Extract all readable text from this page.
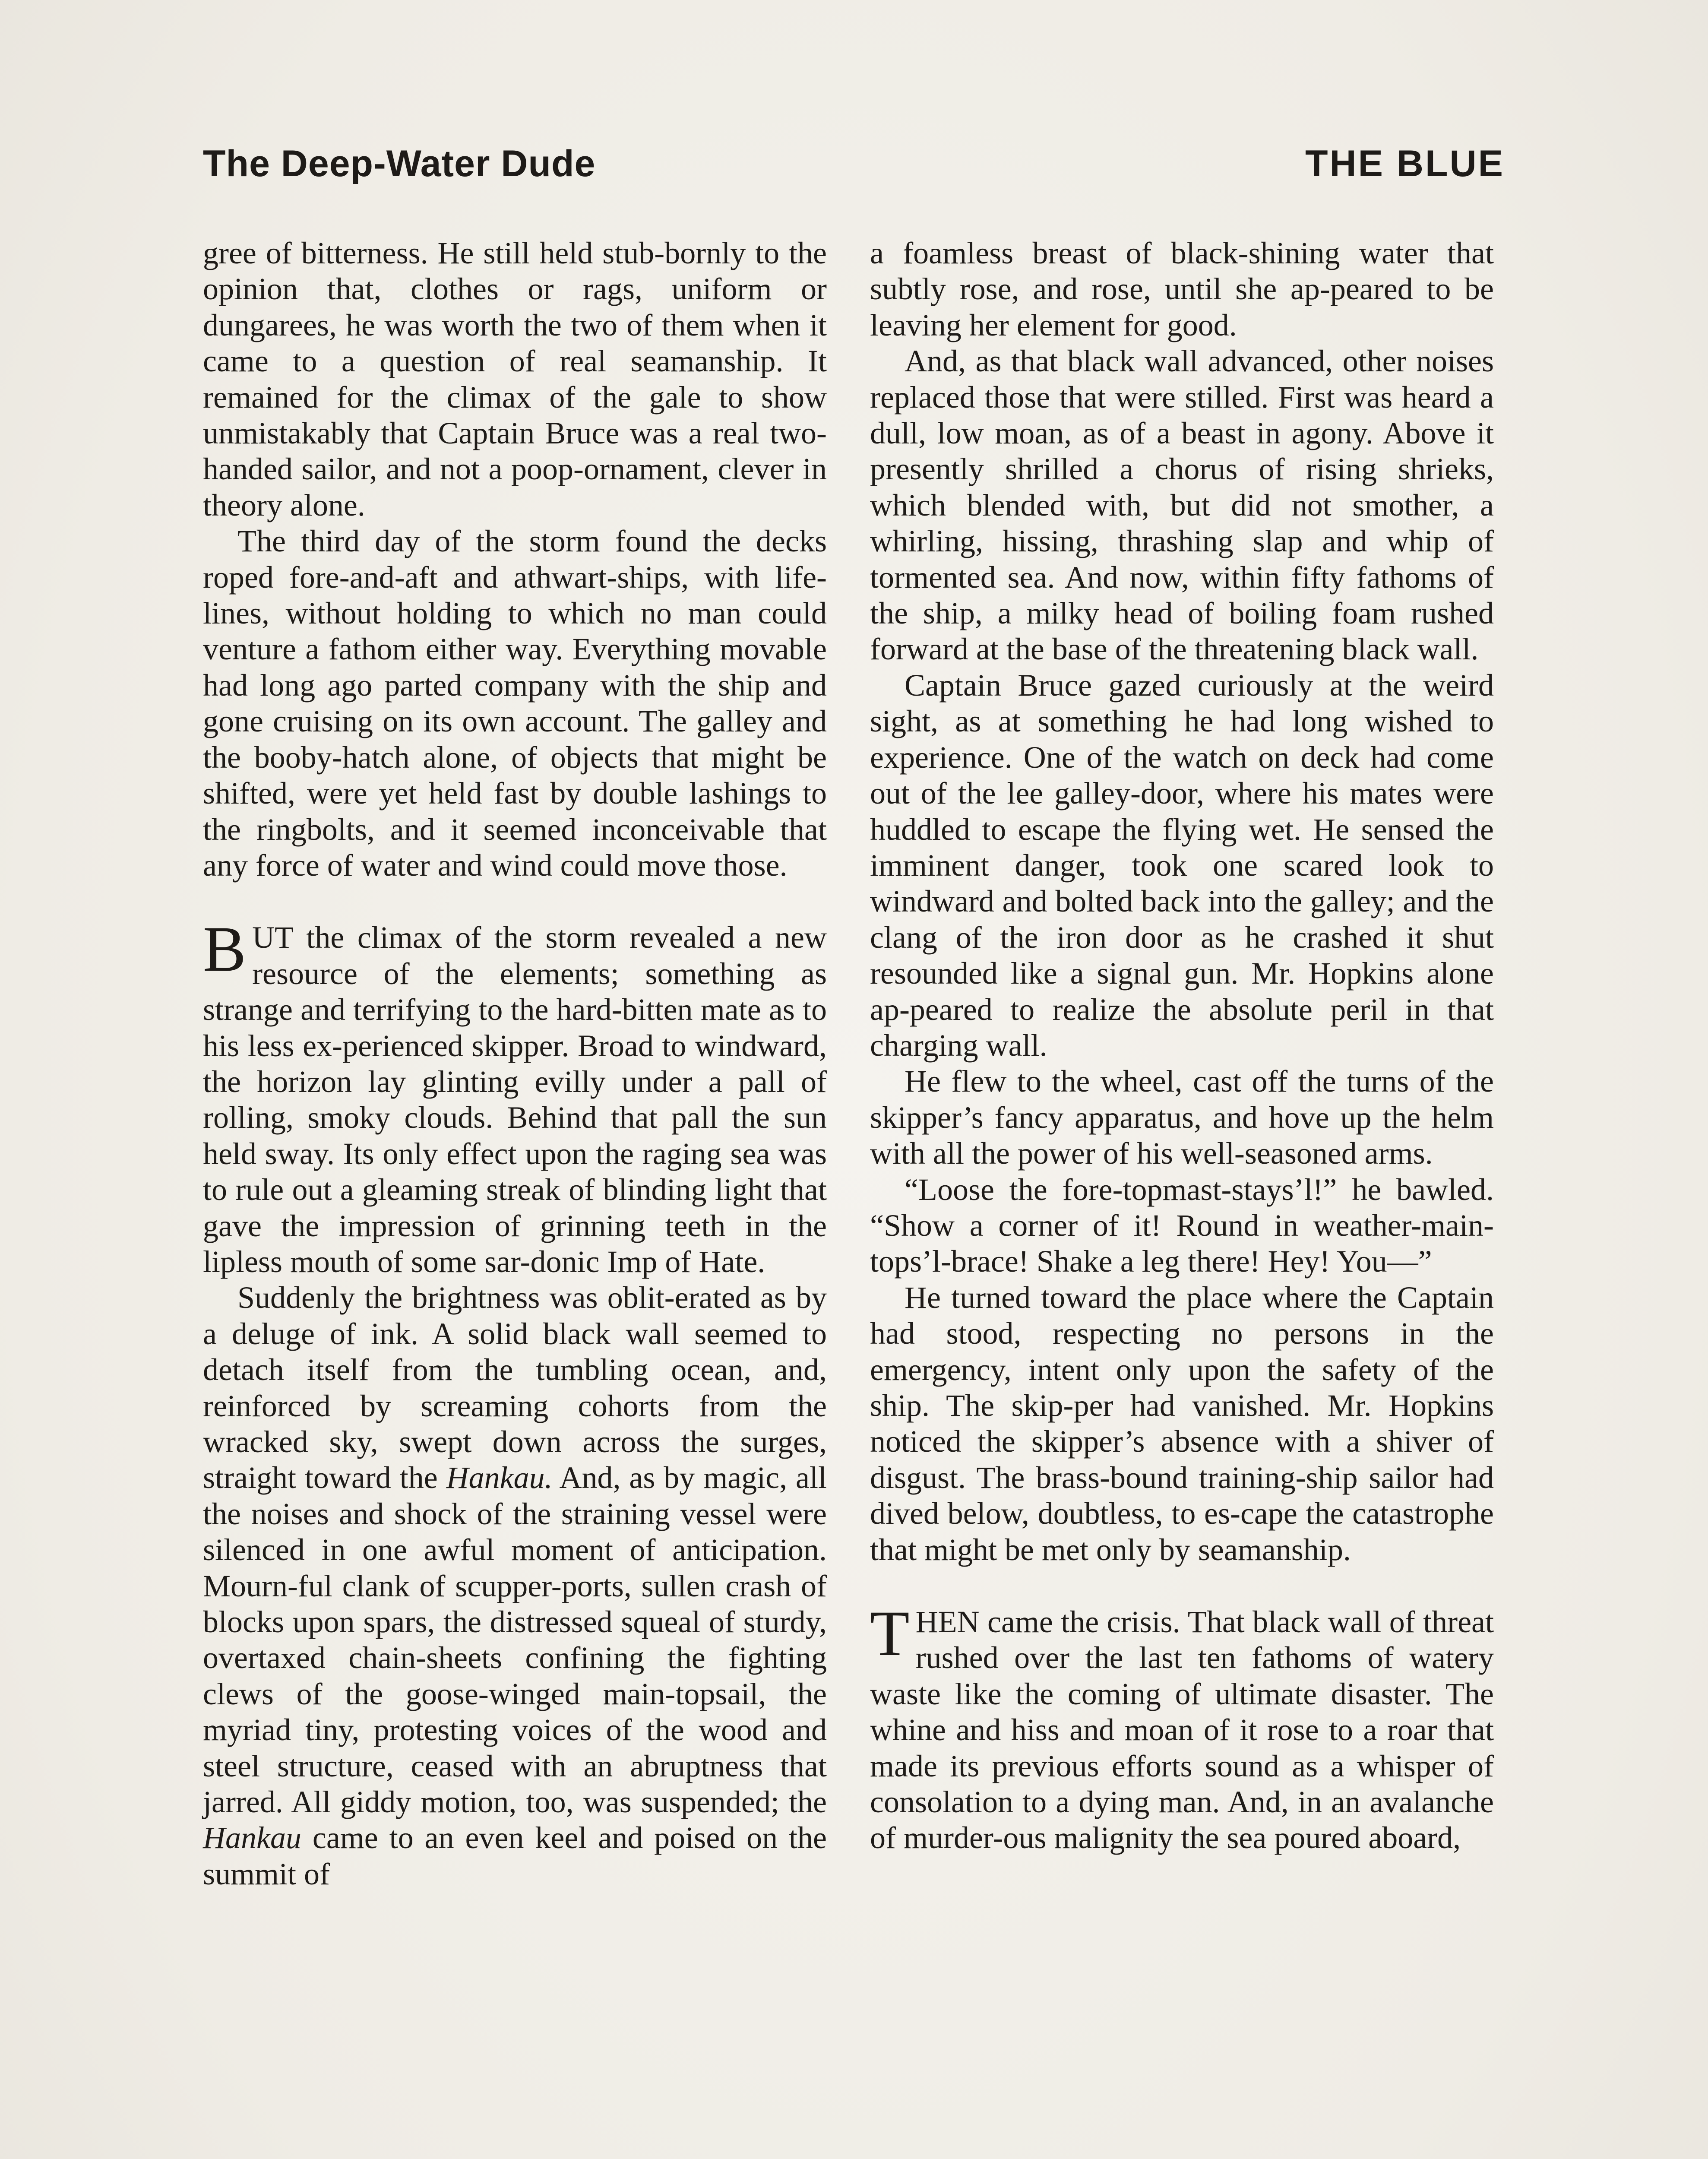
The Deep-Water Dude	THE BLUE

gree of bitterness. He still held stub-bornly to the opinion that, clothes or rags, uniform or dungarees, he was worth the two of them when it came to a question of real seamanship. It remained for the climax of the gale to show unmistakably that Captain Bruce was a real two-handed sailor, and not a poop-ornament, clever in theory alone.

The third day of the storm found the decks roped fore-and-aft and athwart-ships, with life-lines, without holding to which no man could venture a fathom either way. Everything movable had long ago parted company with the ship and gone cruising on its own account. The galley and the booby-hatch alone, of objects that might be shifted, were yet held fast by double lashings to the ringbolts, and it seemed inconceivable that any force of water and wind could move those.

BUT the climax of the storm revealed a new resource of the elements; something as strange and terrifying to the hard-bitten mate as to his less ex-perienced skipper. Broad to windward, the horizon lay glinting evilly under a pall of rolling, smoky clouds. Behind that pall the sun held sway. Its only effect upon the raging sea was to rule out a gleaming streak of blinding light that gave the impression of grinning teeth in the lipless mouth of some sar-donic Imp of Hate.

Suddenly the brightness was oblit-erated as by a deluge of ink. A solid black wall seemed to detach itself from the tumbling ocean, and, reinforced by screaming cohorts from the wracked sky, swept down across the surges, straight toward the Hankau. And, as by magic, all the noises and shock of the straining vessel were silenced in one awful moment of anticipation. Mourn-ful clank of scupper-ports, sullen crash of blocks upon spars, the distressed squeal of sturdy, overtaxed chain-sheets confining the fighting clews of the goose-winged main-topsail, the myriad tiny, protesting voices of the wood and steel structure, ceased with an abruptness that jarred. All giddy motion, too, was suspended; the Hankau came to an even keel and poised on the summit of

a foamless breast of black-shining water that subtly rose, and rose, until she ap-peared to be leaving her element for good.

And, as that black wall advanced, other noises replaced those that were stilled. First was heard a dull, low moan, as of a beast in agony. Above it presently shrilled a chorus of rising shrieks, which blended with, but did not smother, a whirling, hissing, thrashing slap and whip of tormented sea. And now, within fifty fathoms of the ship, a milky head of boiling foam rushed forward at the base of the threatening black wall.

Captain Bruce gazed curiously at the weird sight, as at something he had long wished to experience. One of the watch on deck had come out of the lee galley-door, where his mates were huddled to escape the flying wet. He sensed the imminent danger, took one scared look to windward and bolted back into the galley; and the clang of the iron door as he crashed it shut resounded like a signal gun. Mr. Hopkins alone ap-peared to realize the absolute peril in that charging wall.

He flew to the wheel, cast off the turns of the skipper’s fancy apparatus, and hove up the helm with all the power of his well-seasoned arms.

“Loose the fore-topmast-stays’l!” he bawled. “Show a corner of it! Round in weather-main-tops’l-brace! Shake a leg there! Hey! You—”

He turned toward the place where the Captain had stood, respecting no persons in the emergency, intent only upon the safety of the ship. The skip-per had vanished. Mr. Hopkins noticed the skipper’s absence with a shiver of disgust. The brass-bound training-ship sailor had dived below, doubtless, to es-cape the catastrophe that might be met only by seamanship.

THEN came the crisis. That black wall of threat rushed over the last ten fathoms of watery waste like the coming of ultimate disaster. The whine and hiss and moan of it rose to a roar that made its previous efforts sound as a whisper of consolation to a dying man. And, in an avalanche of murder-ous malignity the sea poured aboard,
